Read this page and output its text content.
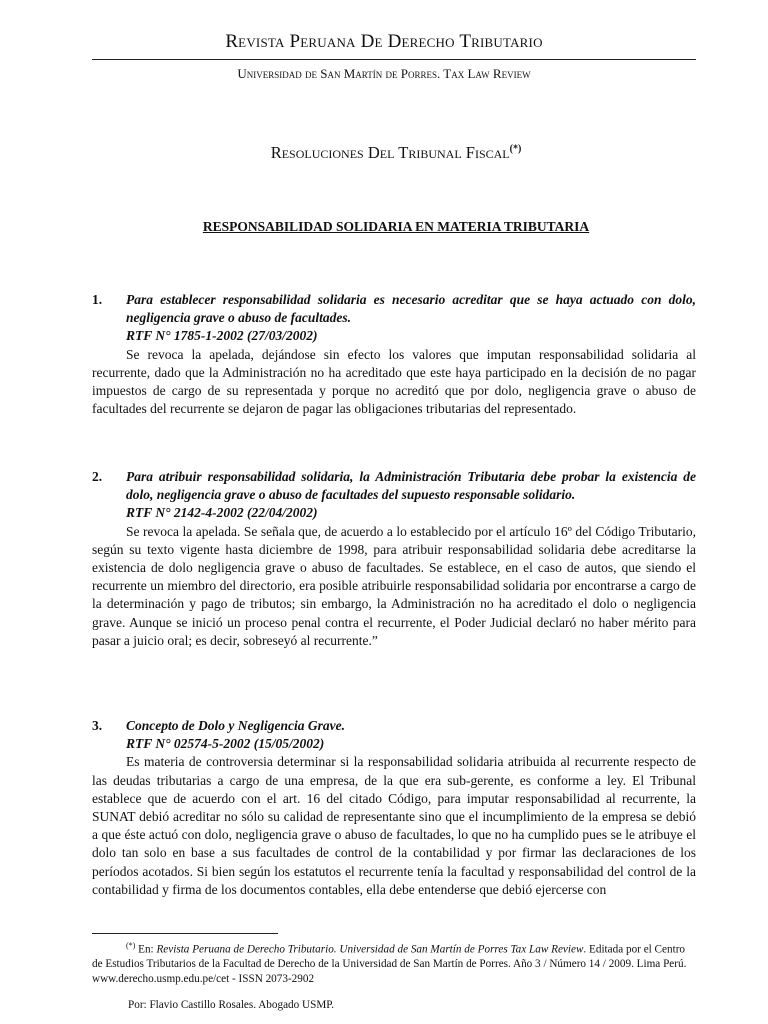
Revista Peruana De Derecho Tributario
Universidad de San Martín de Porres. Tax Law Review
Resoluciones Del Tribunal Fiscal(*)
RESPONSABILIDAD SOLIDARIA EN MATERIA TRIBUTARIA
1. Para establecer responsabilidad solidaria es necesario acreditar que se haya actuado con dolo, negligencia grave o abuso de facultades.
RTF N° 1785-1-2002 (27/03/2002)
Se revoca la apelada, dejándose sin efecto los valores que imputan responsabilidad solidaria al recurrente, dado que la Administración no ha acreditado que este haya participado en la decisión de no pagar impuestos de cargo de su representada y porque no acreditó que por dolo, negligencia grave o abuso de facultades del recurrente se dejaron de pagar las obligaciones tributarias del representado.
2. Para atribuir responsabilidad solidaria, la Administración Tributaria debe probar la existencia de dolo, negligencia grave o abuso de facultades del supuesto responsable solidario.
RTF N° 2142-4-2002 (22/04/2002)
Se revoca la apelada. Se señala que, de acuerdo a lo establecido por el artículo 16º del Código Tributario, según su texto vigente hasta diciembre de 1998, para atribuir responsabilidad solidaria debe acreditarse la existencia de dolo negligencia grave o abuso de facultades. Se establece, en el caso de autos, que siendo el recurrente un miembro del directorio, era posible atribuirle responsabilidad solidaria por encontrarse a cargo de la determinación y pago de tributos; sin embargo, la Administración no ha acreditado el dolo o negligencia grave. Aunque se inició un proceso penal contra el recurrente, el Poder Judicial declaró no haber mérito para pasar a juicio oral; es decir, sobreseyó al recurrente.”
3. Concepto de Dolo y Negligencia Grave.
RTF N° 02574-5-2002 (15/05/2002)
Es materia de controversia determinar si la responsabilidad solidaria atribuida al recurrente respecto de las deudas tributarias a cargo de una empresa, de la que era sub-gerente, es conforme a ley. El Tribunal establece que de acuerdo con el art. 16 del citado Código, para imputar responsabilidad al recurrente, la SUNAT debió acreditar no sólo su calidad de representante sino que el incumplimiento de la empresa se debió a que éste actuó con dolo, negligencia grave o abuso de facultades, lo que no ha cumplido pues se le atribuye el dolo tan solo en base a sus facultades de control de la contabilidad y por firmar las declaraciones de los períodos acotados. Si bien según los estatutos el recurrente tenía la facultad y responsabilidad del control de la contabilidad y firma de los documentos contables, ella debe entenderse que debió ejercerse con
(*) En: Revista Peruana de Derecho Tributario. Universidad de San Martín de Porres Tax Law Review. Editada por el Centro de Estudios Tributarios de la Facultad de Derecho de la Universidad de San Martín de Porres. Año 3 / Número 14 / 2009. Lima Perú. www.derecho.usmp.edu.pe/cet - ISSN 2073-2902
Por: Flavio Castillo Rosales. Abogado USMP.
